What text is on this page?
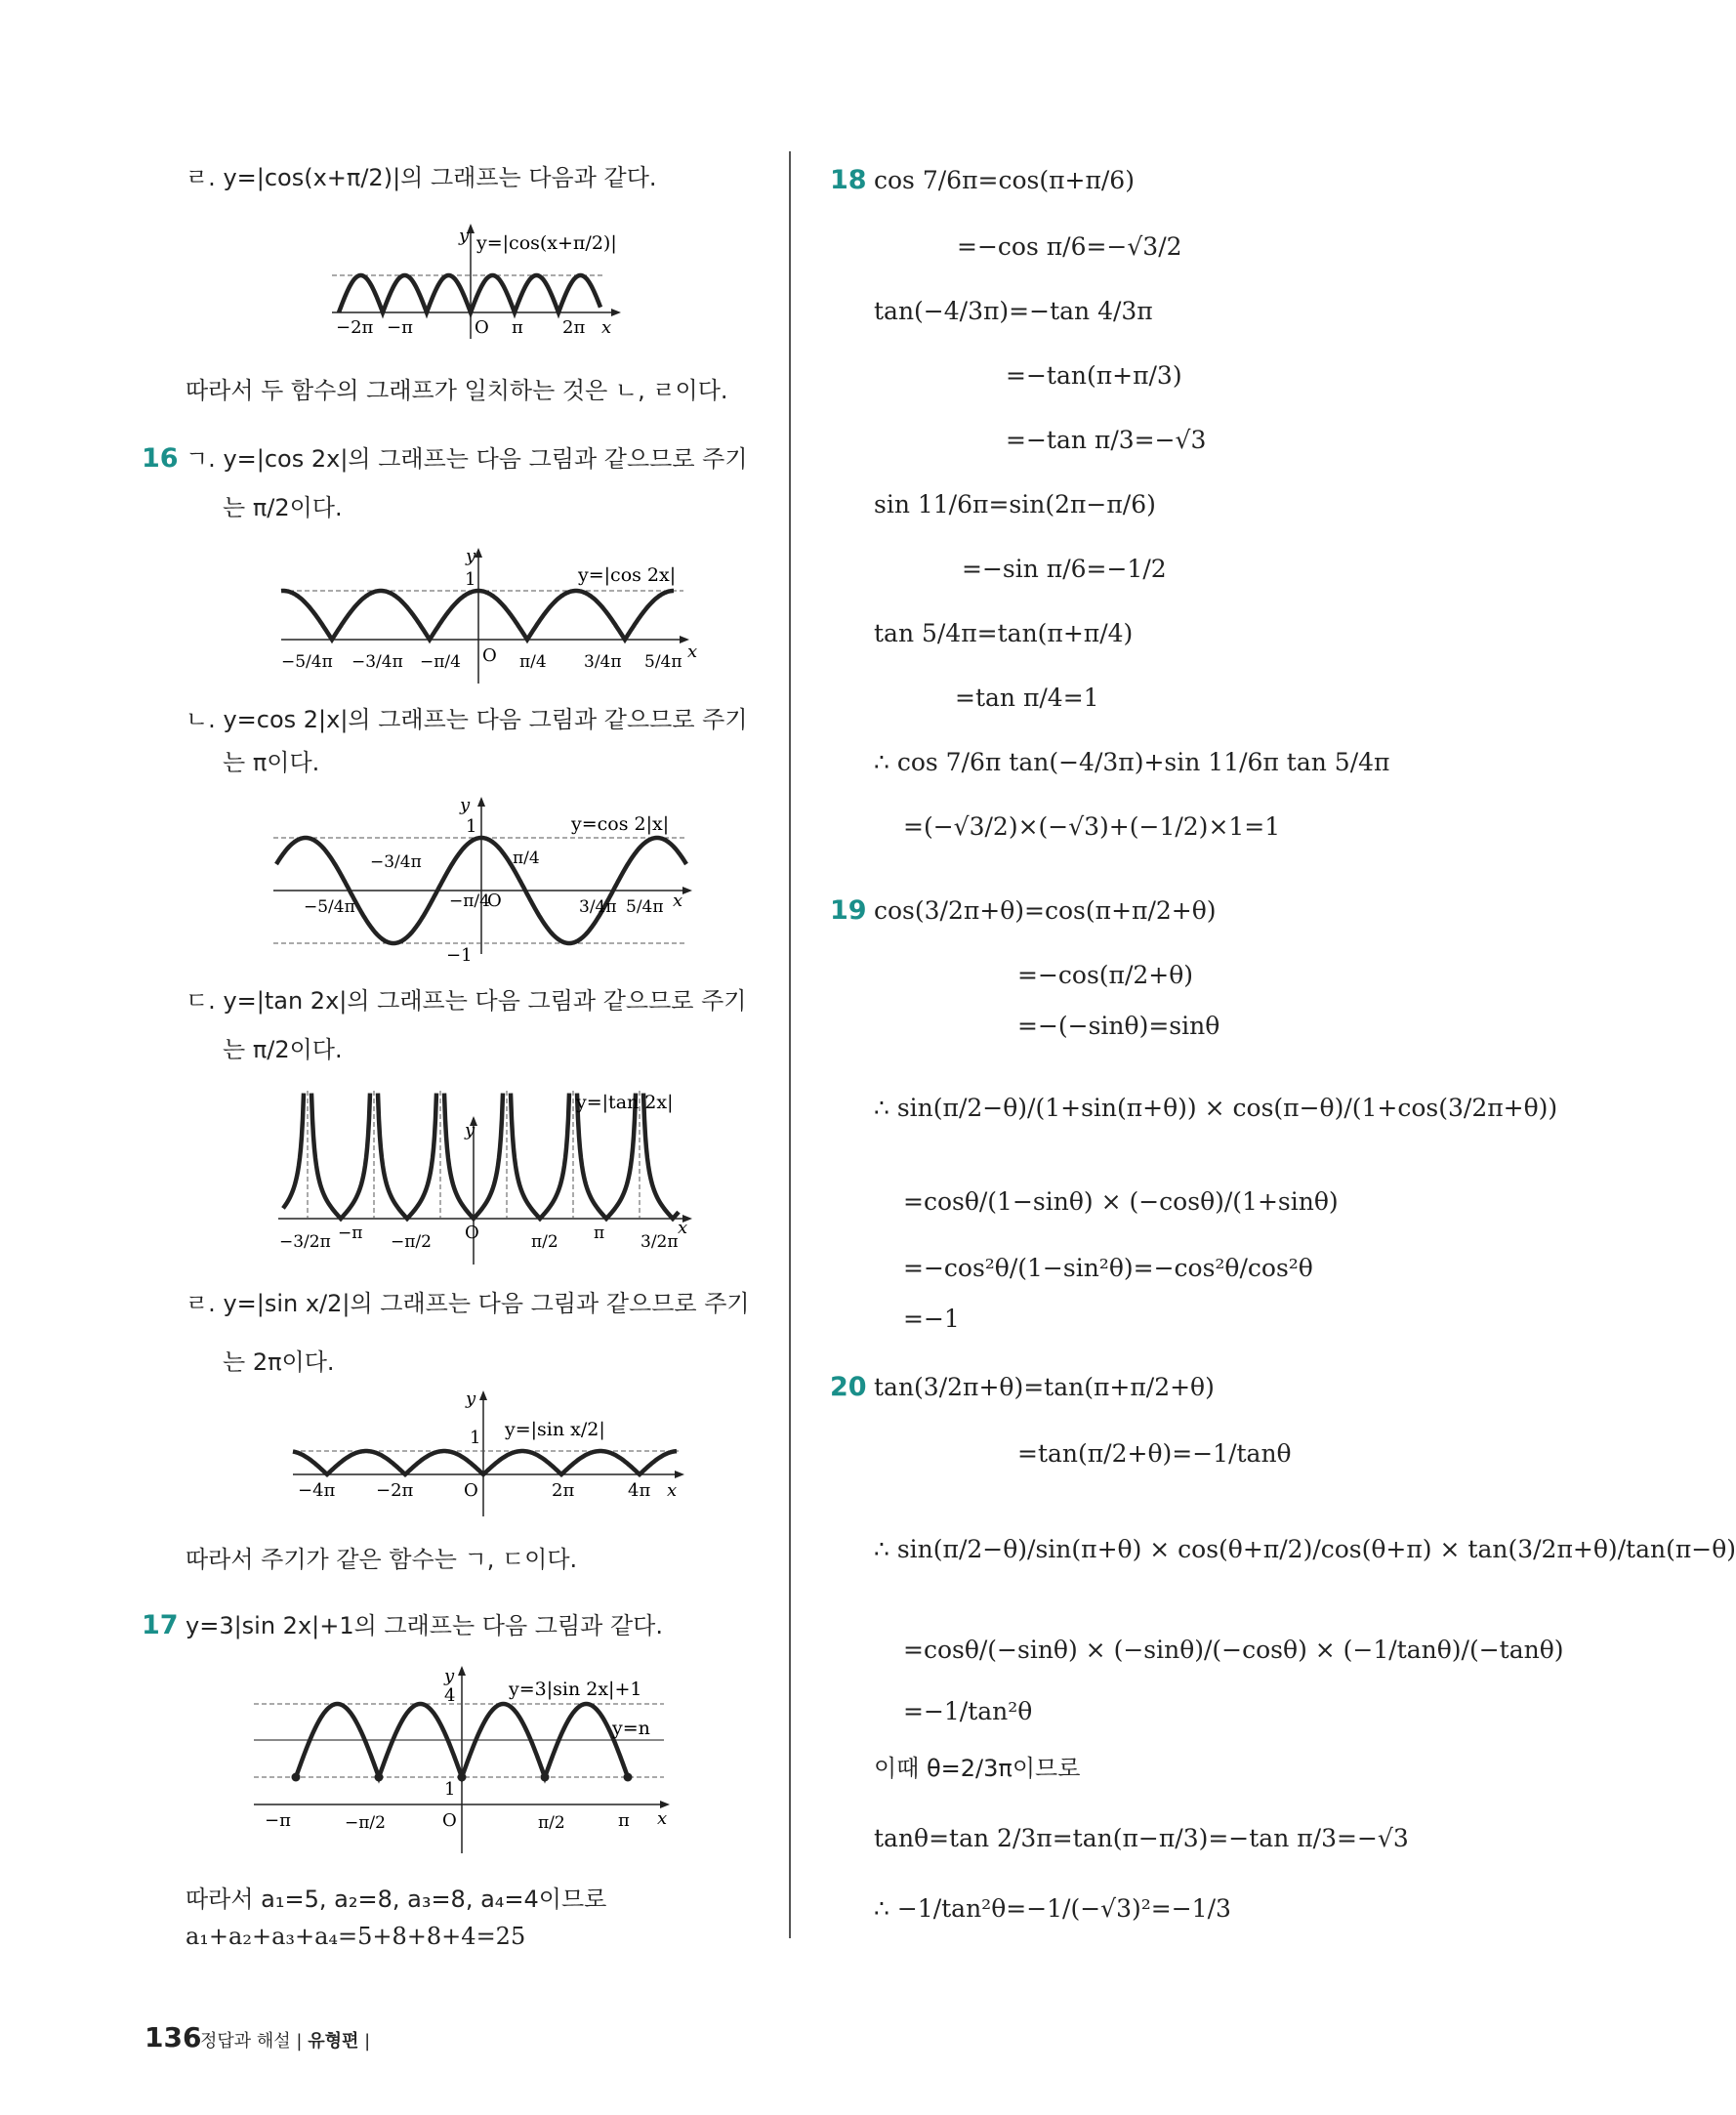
ㄹ. y=|cos(x+π/2)|의 그래프는 다음과 같다.
y y=|cos(x+π/2)|
−2π −π	O π 2π x
따라서 두 함수의 그래프가 일치하는 것은 ㄴ, ㄹ이다.
16 ㄱ. y=|cos 2x|의 그래프는 다음 그림과 같으므로 주기
는 π/2이다.
y
1	y=|cos 2x|
−5/4π −3/4π −π/4 O π/4 3/4π 5/4π x
ㄴ. y=cos 2|x|의 그래프는 다음 그림과 같으므로 주기
는 π이다.
y
1	y=cos 2|x|
−5/4π
−3/4π
−π/4
O
π/4
3/4π 5/4π x
−1
ㄷ. y=|tan 2x|의 그래프는 다음 그림과 같으므로 주기
는 π/2이다.
y
y=|tan 2x|
−3/2π −π −π/2 O	π/2 π 3/2π
x
ㄹ. y=|sin x/2|의 그래프는 다음 그림과 같으므로 주기
는 2π이다.
y
1 y=|sin x/2|
−4π −2π	O	2π	4π x
따라서 주기가 같은 함수는 ㄱ, ㄷ이다.
17 y=3|sin 2x|+1의 그래프는 다음 그림과 같다.
y
4
1
y=3|sin 2x|+1
y=n
−π	−π/2	O	π/2	π x
따라서 a₁=5, a₂=8, a₃=8, a₄=4이므로
a₁+a₂+a₃+a₄=5+8+8+4=25
18 cos 7/6π=cos(π+π/6)
=−cos π/6=−√3/2
tan(−4/3π)=−tan 4/3π
=−tan(π+π/3)
=−tan π/3=−√3
sin 11/6π=sin(2π−π/6)
=−sin π/6=−1/2
tan 5/4π=tan(π+π/4)
=tan π/4=1
∴ cos 7/6π tan(−4/3π)+sin 11/6π tan 5/4π
=(−√3/2)×(−√3)+(−1/2)×1=1
19 cos(3/2π+θ)=cos(π+π/2+θ)
=−cos(π/2+θ)
=−(−sinθ)=sinθ
∴ sin(π/2−θ)/(1+sin(π+θ)) × cos(π−θ)/(1+cos(3/2π+θ))
=cosθ/(1−sinθ) × (−cosθ)/(1+sinθ)
=−cos²θ/(1−sin²θ)=−cos²θ/cos²θ
=−1
20 tan(3/2π+θ)=tan(π+π/2+θ)
=tan(π/2+θ)=−1/tanθ
∴ sin(π/2−θ)/sin(π+θ) × cos(θ+π/2)/cos(θ+π) × tan(3/2π+θ)/tan(π−θ)
=cosθ/(−sinθ) × (−sinθ)/(−cosθ) × (−1/tanθ)/(−tanθ)
=−1/tan²θ
이때 θ=2/3π이므로
tanθ=tan 2/3π=tan(π−π/3)=−tan π/3=−√3
∴ −1/tan²θ=−1/(−√3)²=−1/3
136
정답과 해설 | 유형편 |
